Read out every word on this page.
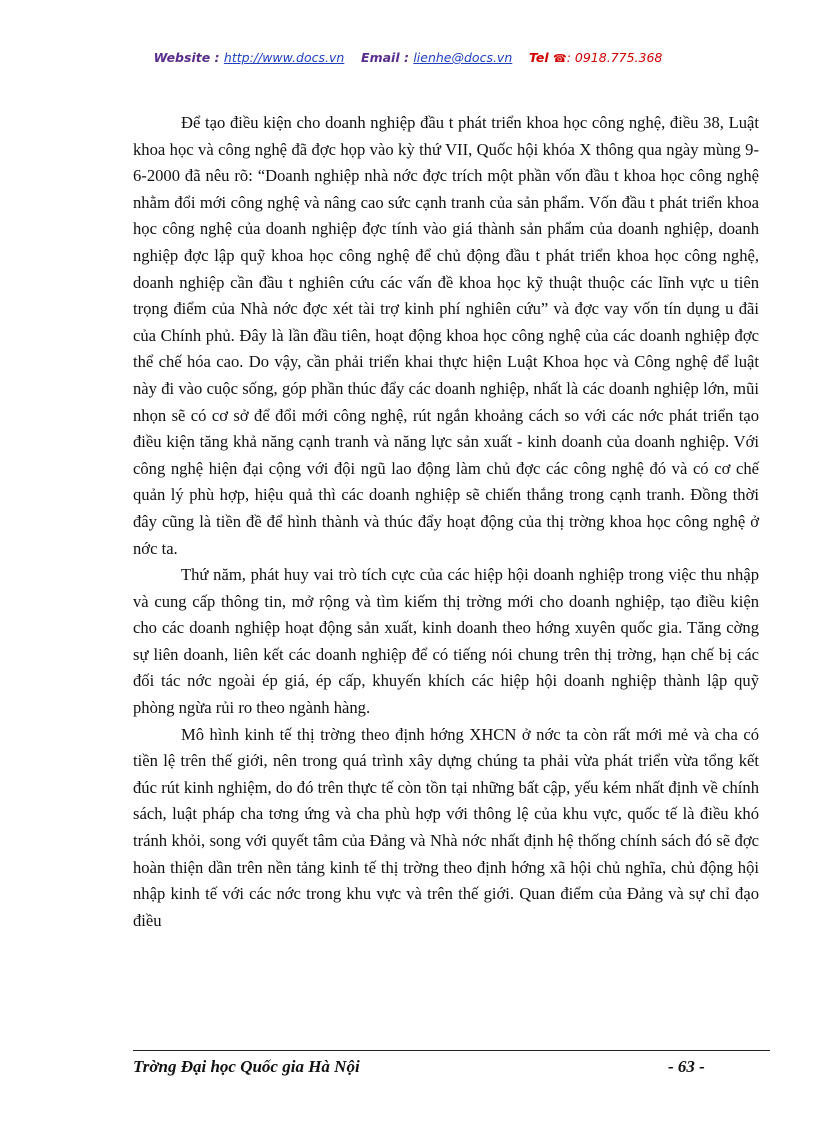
Website : http://www.docs.vn Email : lienhe@docs.vn Tel ☎: 0918.775.368

Để tạo điều kiện cho doanh nghiệp đầu t phát triển khoa học công nghệ, điều 38, Luật khoa học và công nghệ đã đợc họp vào kỳ thứ VII, Quốc hội khóa X thông qua ngày mùng 9-6-2000 đã nêu rõ: “Doanh nghiệp nhà nớc đợc trích một phần vốn đầu t khoa học công nghệ nhằm đổi mới công nghệ và nâng cao sức cạnh tranh của sản phẩm. Vốn đầu t phát triển khoa học công nghệ của doanh nghiệp đợc tính vào giá thành sản phẩm của doanh nghiệp, doanh nghiệp đợc lập quỹ khoa học công nghệ để chủ động đầu t phát triển khoa học công nghệ, doanh nghiệp cần đầu t nghiên cứu các vấn đề khoa học kỹ thuật thuộc các lĩnh vực u tiên trọng điểm của Nhà nớc đợc xét tài trợ kinh phí nghiên cứu” và đợc vay vốn tín dụng u đãi của Chính phủ. Đây là lần đầu tiên, hoạt động khoa học công nghệ của các doanh nghiệp đợc thể chế hóa cao. Do vậy, cần phải triển khai thực hiện Luật Khoa học và Công nghệ để luật này đi vào cuộc sống, góp phần thúc đẩy các doanh nghiệp, nhất là các doanh nghiệp lớn, mũi nhọn sẽ có cơ sở để đổi mới công nghệ, rút ngắn khoảng cách so với các nớc phát triển tạo điều kiện tăng khả năng cạnh tranh và năng lực sản xuất - kinh doanh của doanh nghiệp. Với công nghệ hiện đại cộng với đội ngũ lao động làm chủ đợc các công nghệ đó và có cơ chế quản lý phù hợp, hiệu quả thì các doanh nghiệp sẽ chiến thắng trong cạnh tranh. Đồng thời đây cũng là tiền đề để hình thành và thúc đẩy hoạt động của thị trờng khoa học công nghệ ở nớc ta.

Thứ năm, phát huy vai trò tích cực của các hiệp hội doanh nghiệp trong việc thu nhập và cung cấp thông tin, mở rộng và tìm kiếm thị trờng mới cho doanh nghiệp, tạo điều kiện cho các doanh nghiệp hoạt động sản xuất, kinh doanh theo hớng xuyên quốc gia. Tăng cờng sự liên doanh, liên kết các doanh nghiệp để có tiếng nói chung trên thị trờng, hạn chế bị các đối tác nớc ngoài ép giá, ép cấp, khuyến khích các hiệp hội doanh nghiệp thành lập quỹ phòng ngừa rủi ro theo ngành hàng.

Mô hình kinh tế thị trờng theo định hớng XHCN ở nớc ta còn rất mới mẻ và cha có tiền lệ trên thế giới, nên trong quá trình xây dựng chúng ta phải vừa phát triển vừa tổng kết đúc rút kinh nghiệm, do đó trên thực tế còn tồn tại những bất cập, yếu kém nhất định về chính sách, luật pháp cha tơng ứng và cha phù hợp với thông lệ của khu vực, quốc tế là điều khó tránh khỏi, song với quyết tâm của Đảng và Nhà nớc nhất định hệ thống chính sách đó sẽ đợc hoàn thiện dần trên nền tảng kinh tế thị trờng theo định hớng xã hội chủ nghĩa, chủ động hội nhập kinh tế với các nớc trong khu vực và trên thế giới. Quan điểm của Đảng và sự chỉ đạo điều

Trờng Đại học Quốc gia Hà Nội	- 63 -
